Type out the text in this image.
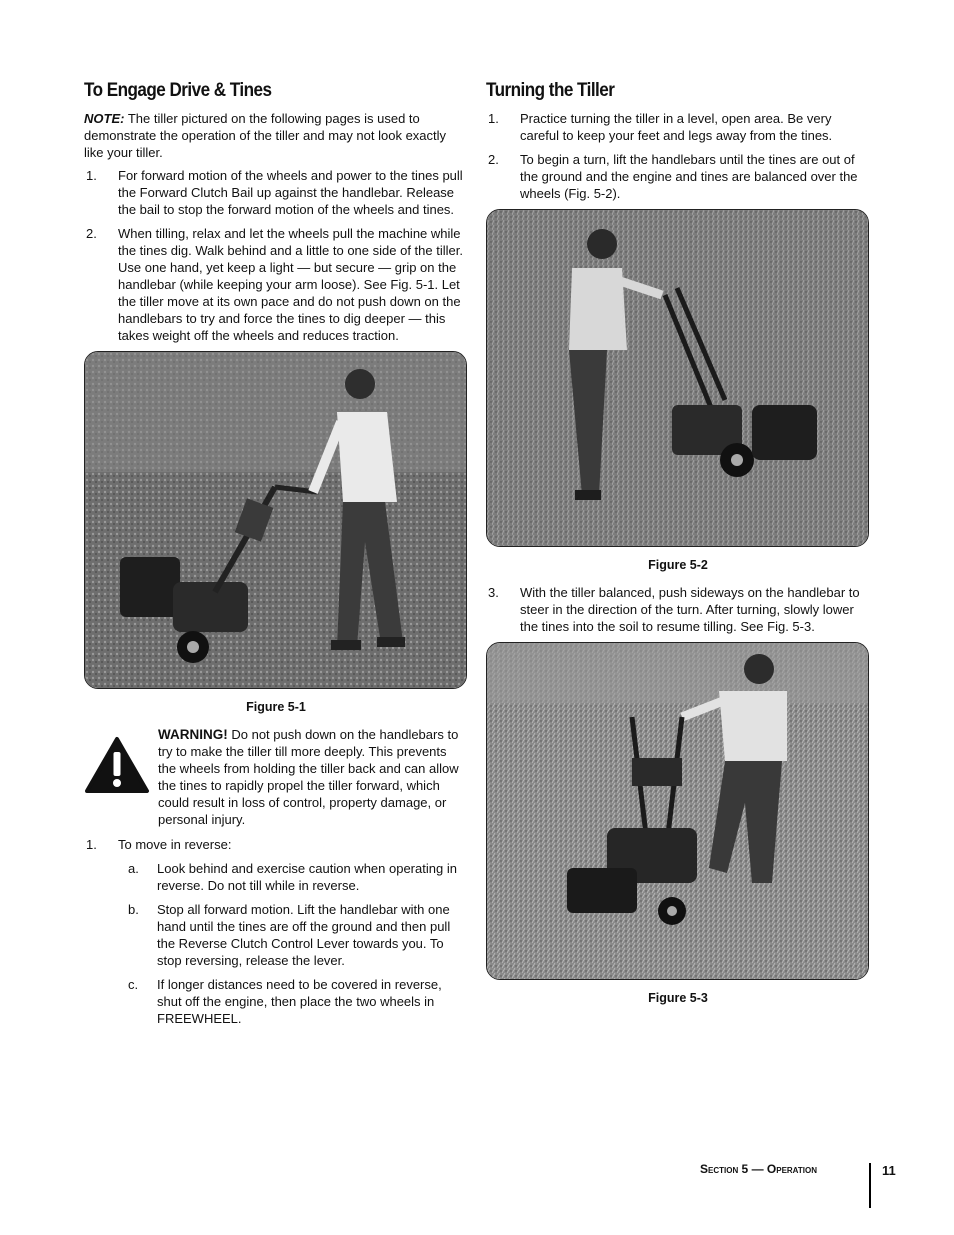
To Engage Drive & Tines

NOTE: The tiller pictured on the following pages is used to demonstrate the operation of the tiller and may not look exactly like your tiller.

1. For forward motion of the wheels and power to the tines pull the Forward Clutch Bail up against the handlebar. Release the bail to stop the forward motion of the wheels and tines.
2. When tilling, relax and let the wheels pull the machine while the tines dig. Walk behind and a little to one side of the tiller. Use one hand, yet keep a light — but secure — grip on the handlebar (while keeping your arm loose). See Fig. 5-1. Let the tiller move at its own pace and do not push down on the handlebars to try and force the tines to dig deeper — this takes weight off the wheels and reduces traction.
Figure 5-1
WARNING! Do not push down on the handlebars to try to make the tiller till more deeply. This prevents the wheels from holding the tiller back and can allow the tines to rapidly propel the tiller forward, which could result in loss of control, property damage, or personal injury.
1. To move in reverse:
a. Look behind and exercise caution when operating in reverse. Do not till while in reverse.
b. Stop all forward motion. Lift the handlebar with one hand until the tines are off the ground and then pull the Reverse Clutch Control Lever towards you. To stop reversing, release the lever.
c. If longer distances need to be covered in reverse, shut off the engine, then place the two wheels in FREEWHEEL.
Turning the Tiller
1. Practice turning the tiller in a level, open area. Be very careful to keep your feet and legs away from the tines.
2. To begin a turn, lift the handlebars until the tines are out of the ground and the engine and tines are balanced over the wheels (Fig. 5-2).
Figure 5-2
3. With the tiller balanced, push sideways on the handlebar to steer in the direction of the turn. After turning, slowly lower the tines into the soil to resume tilling. See Fig. 5-3.
Figure 5-3
Section 5 — Operation	11
